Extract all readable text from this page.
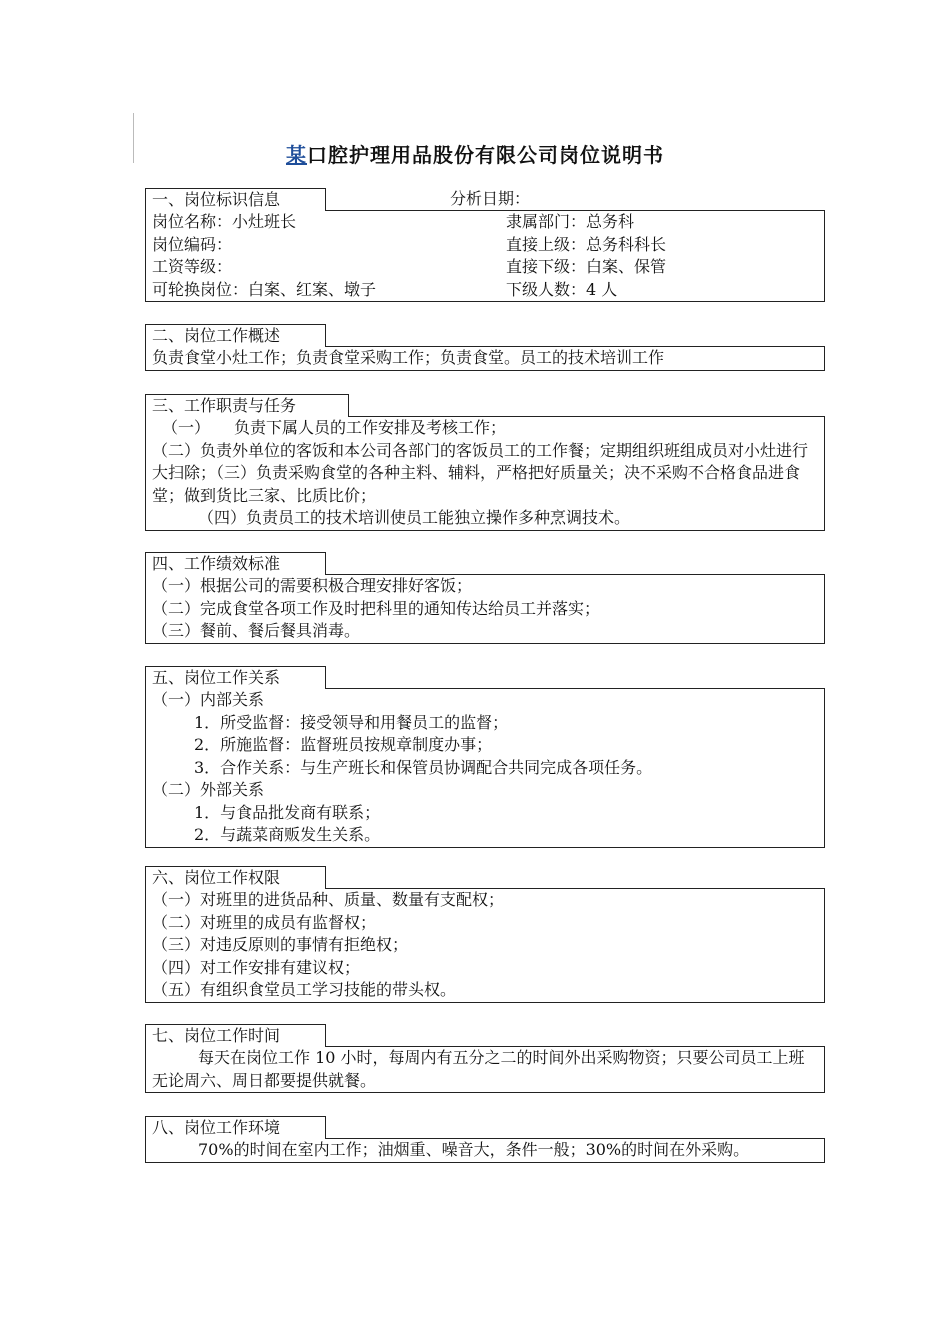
某口腔护理用品股份有限公司岗位说明书
分析日期：
一、岗位标识信息
岗位名称：小灶班长	隶属部门：总务科
岗位编码：	直接上级：总务科科长
工资等级：	直接下级：白案、保管
可轮换岗位：白案、红案、墩子	下级人数：4 人
二、岗位工作概述

负责食堂小灶工作；负责食堂采购工作；负责食堂。员工的技术培训工作

三、工作职责与任务

（一）　　负责下属人员的工作安排及考核工作；

（二）负责外单位的客饭和本公司各部门的客饭员工的工作餐；定期组织班组成员对小灶进行大扫除；（三）负责采购食堂的各种主料、辅料，严格把好质量关；决不采购不合格食品进食堂；做到货比三家、比质比价；

（四）负责员工的技术培训使员工能独立操作多种烹调技术。

四、工作绩效标准

（一）根据公司的需要积极合理安排好客饭；

（二）完成食堂各项工作及时把科里的通知传达给员工并落实；

（三）餐前、餐后餐具消毒。

五、岗位工作关系

（一）内部关系

1．所受监督：接受领导和用餐员工的监督；

2．所施监督：监督班员按规章制度办事；

3．合作关系：与生产班长和保管员协调配合共同完成各项任务。

（二）外部关系

1．与食品批发商有联系；

2．与蔬菜商贩发生关系。

六、岗位工作权限

（一）对班里的进货品种、质量、数量有支配权；

（二）对班里的成员有监督权；

（三）对违反原则的事情有拒绝权；

（四）对工作安排有建议权；

（五）有组织食堂员工学习技能的带头权。

七、岗位工作时间

每天在岗位工作 10 小时，每周内有五分之二的时间外出采购物资；只要公司员工上班无论周六、周日都要提供就餐。

八、岗位工作环境

70%的时间在室内工作；油烟重、噪音大，条件一般；30%的时间在外采购。
